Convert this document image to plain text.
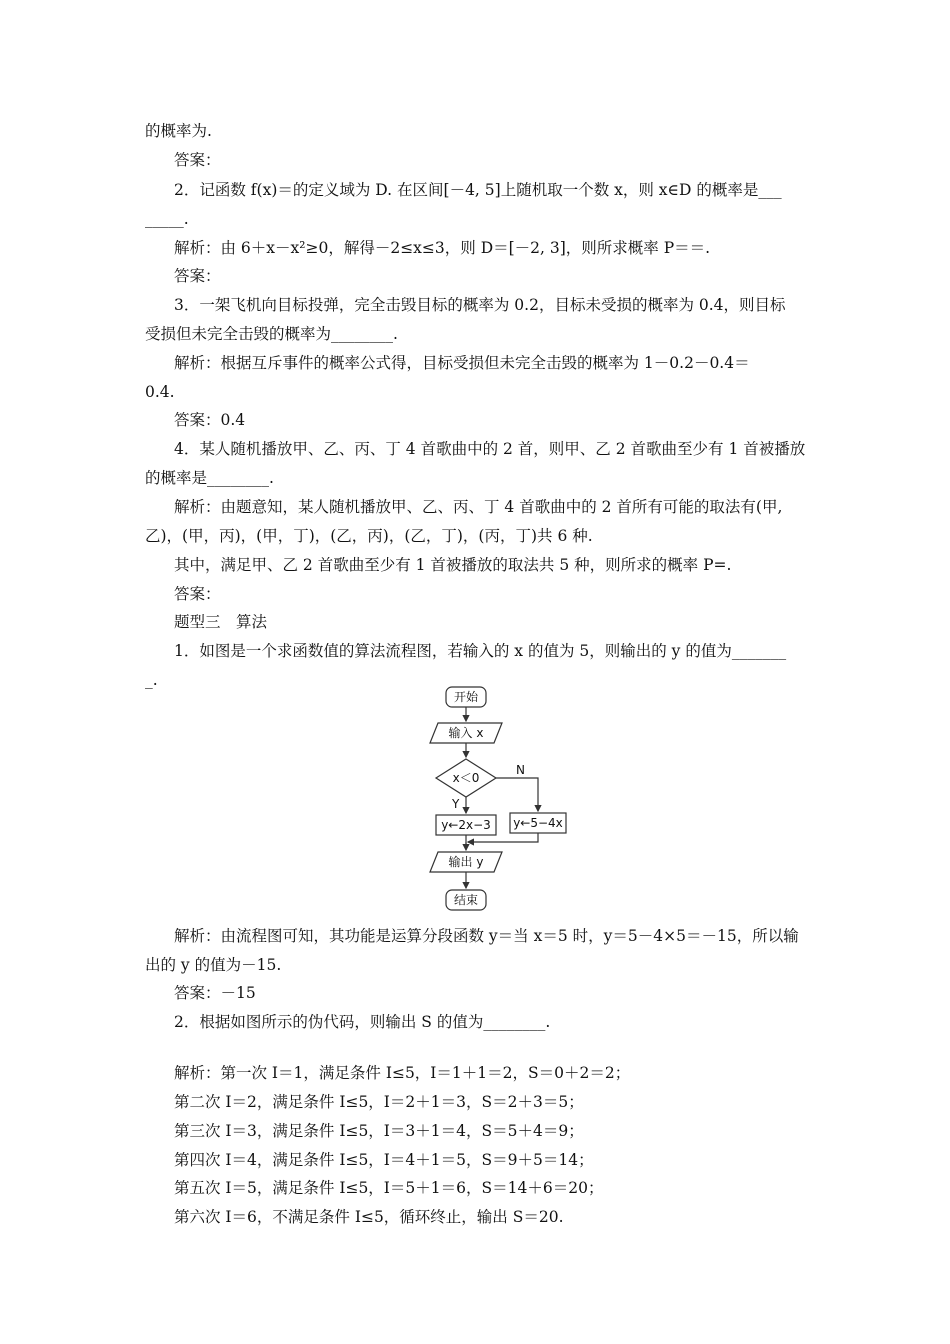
的概率为.
答案：
2．记函数 f(x)＝的定义域为 D. 在区间[－4, 5]上随机取一个数 x，则 x∈D 的概率是___
_____.
解析：由 6＋x－x²≥0，解得－2≤x≤3，则 D＝[－2, 3]，则所求概率 P＝＝.
答案：
3．一架飞机向目标投弹，完全击毁目标的概率为 0.2，目标未受损的概率为 0.4，则目标
受损但未完全击毁的概率为________.
解析：根据互斥事件的概率公式得，目标受损但未完全击毁的概率为 1－0.2－0.4＝
0.4.
答案：0.4
4．某人随机播放甲、乙、丙、丁 4 首歌曲中的 2 首，则甲、乙 2 首歌曲至少有 1 首被播放
的概率是________.
解析：由题意知，某人随机播放甲、乙、丙、丁 4 首歌曲中的 2 首所有可能的取法有(甲,
乙)，(甲，丙)，(甲，丁)，(乙，丙)，(乙，丁)，(丙，丁)共 6 种.
其中，满足甲、乙 2 首歌曲至少有 1 首被播放的取法共 5 种，则所求的概率 P=.
答案：
题型三　算法
1．如图是一个求函数值的算法流程图，若输入的 x 的值为 5，则输出的 y 的值为_______
_.
开始
输入 x
x＜0
N
Y
y←2x−3 y←5−4x
输出 y
结束
解析：由流程图可知，其功能是运算分段函数 y＝当 x＝5 时，y＝5－4×5＝－15，所以输
出的 y 的值为－15.
答案：－15
2．根据如图所示的伪代码，则输出 S 的值为________.
解析：第一次 I＝1，满足条件 I≤5，I＝1＋1＝2，S＝0＋2＝2；
第二次 I＝2，满足条件 I≤5，I＝2＋1＝3，S＝2＋3＝5；
第三次 I＝3，满足条件 I≤5，I＝3＋1＝4，S＝5＋4＝9；
第四次 I＝4，满足条件 I≤5，I＝4＋1＝5，S＝9＋5＝14；
第五次 I＝5，满足条件 I≤5，I＝5＋1＝6，S＝14＋6＝20；
第六次 I＝6，不满足条件 I≤5，循环终止，输出 S＝20.
